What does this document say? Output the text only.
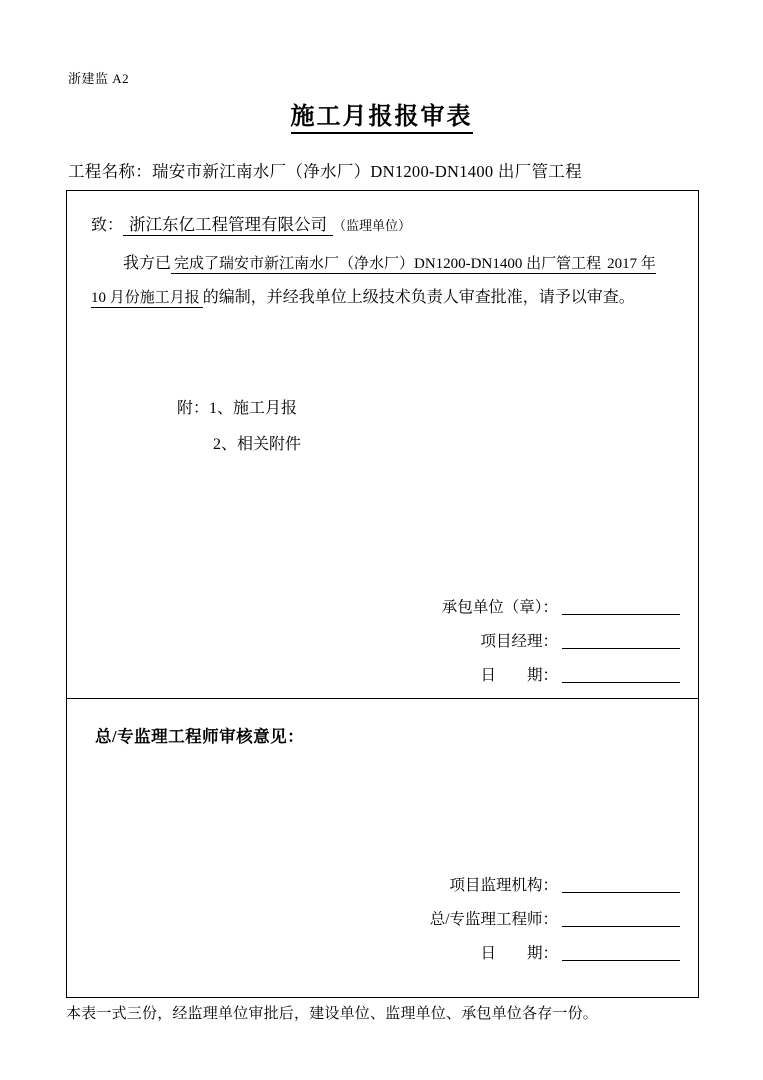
浙建监 A2
施工月报报审表
工程名称：瑞安市新江南水厂（净水厂）DN1200-DN1400 出厂管工程
致： 浙江东亿工程管理有限公司 （监理单位）
我方已 完成了瑞安市新江南水厂（净水厂）DN1200-DN1400 出厂管工程 2017 年 10 月份施工月报 的编制，并经我单位上级技术负责人审查批准，请予以审查。
附：1、施工月报
2、相关附件
承包单位（章）：
项目经理：
日　　期：
总/专监理工程师审核意见：
项目监理机构：
总/专监理工程师：
日　　期：
本表一式三份，经监理单位审批后，建设单位、监理单位、承包单位各存一份。
